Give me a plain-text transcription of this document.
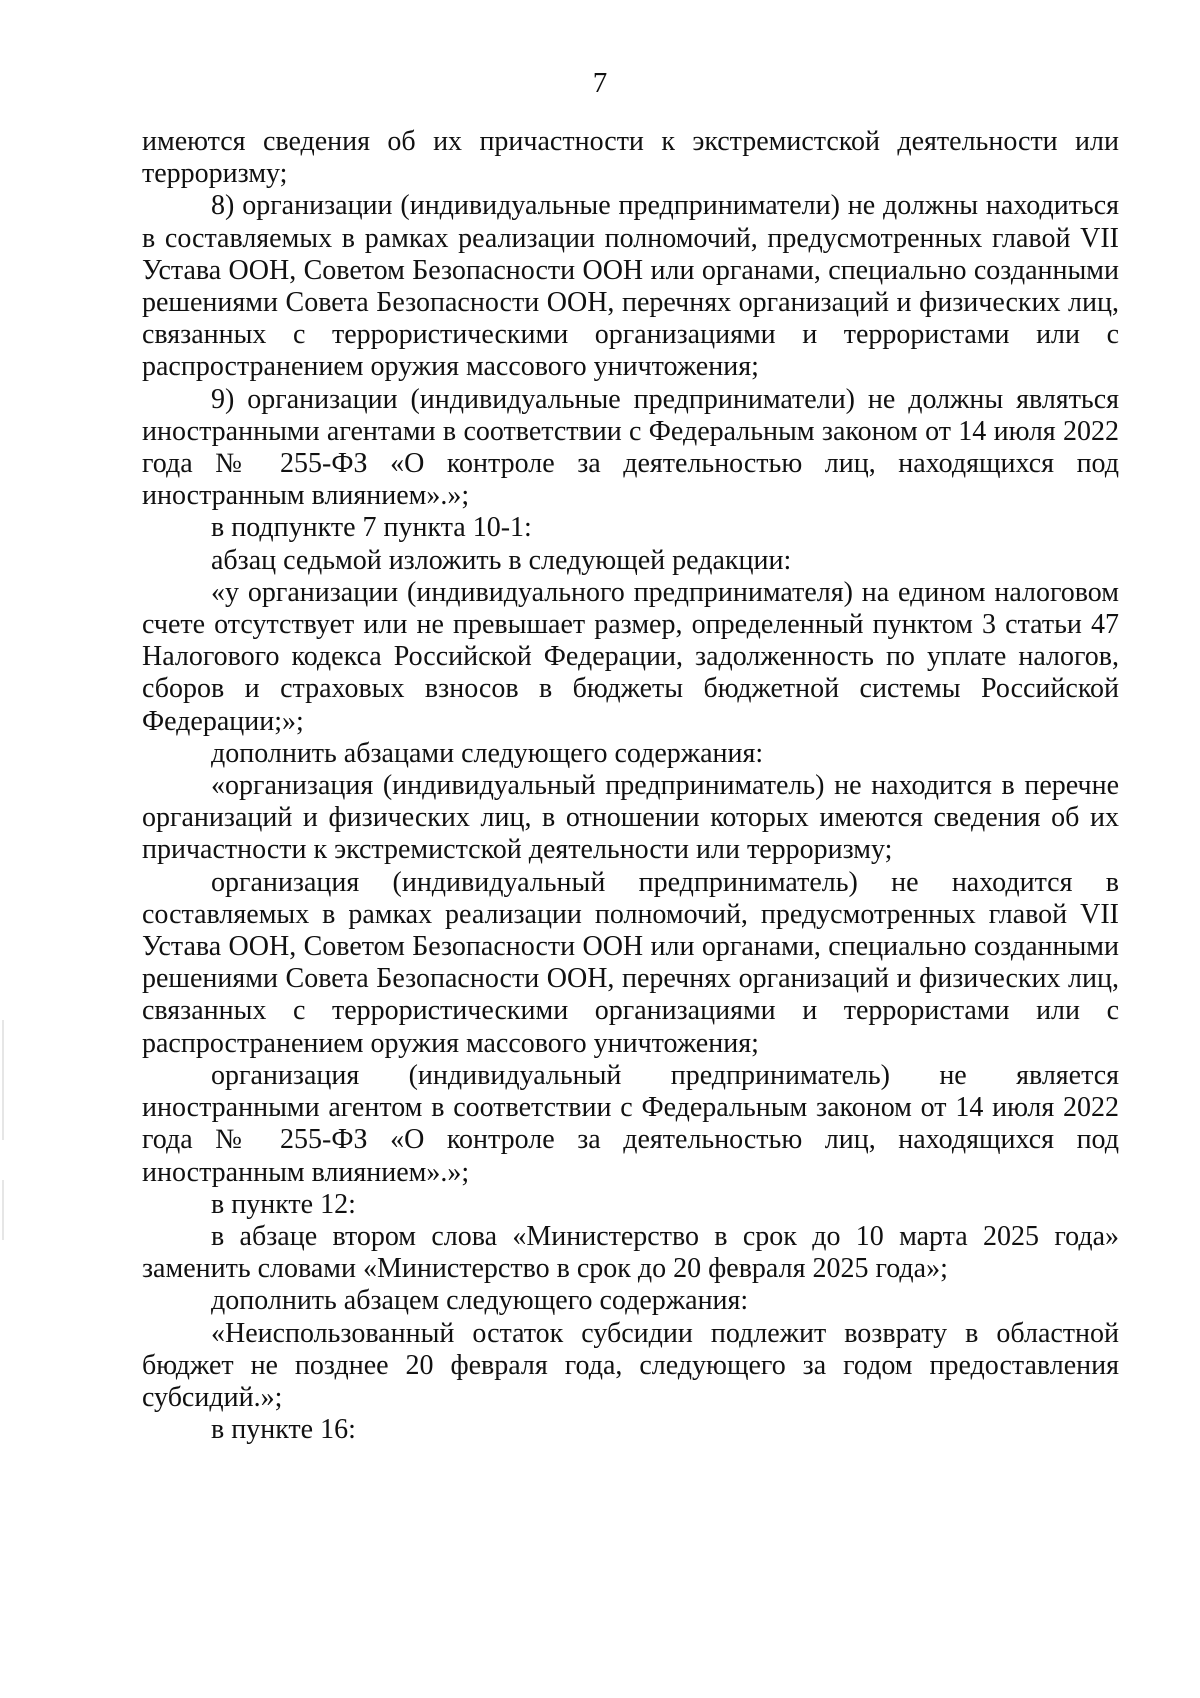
7

имеются сведения об их причастности к экстремистской деятельности или терроризму;

8) организации (индивидуальные предприниматели) не должны находиться в составляемых в рамках реализации полномочий, предусмотренных главой VII Устава ООН, Советом Безопасности ООН или органами, специально созданными решениями Совета Безопасности ООН, перечнях организаций и физических лиц, связанных с террористическими организациями и террористами или с распространением оружия массового уничтожения;

9) организации (индивидуальные предприниматели) не должны являться иностранными агентами в соответствии с Федеральным законом от 14 июля 2022 года № 255-ФЗ «О контроле за деятельностью лиц, находящихся под иностранным влиянием».»;

в подпункте 7 пункта 10-1:

абзац седьмой изложить в следующей редакции:

«у организации (индивидуального предпринимателя) на едином налоговом счете отсутствует или не превышает размер, определенный пунктом 3 статьи 47 Налогового кодекса Российской Федерации, задолженность по уплате налогов, сборов и страховых взносов в бюджеты бюджетной системы Российской Федерации;»;

дополнить абзацами следующего содержания:

«организация (индивидуальный предприниматель) не находится в перечне организаций и физических лиц, в отношении которых имеются сведения об их причастности к экстремистской деятельности или терроризму;

организация (индивидуальный предприниматель) не находится в составляемых в рамках реализации полномочий, предусмотренных главой VII Устава ООН, Советом Безопасности ООН или органами, специально созданными решениями Совета Безопасности ООН, перечнях организаций и физических лиц, связанных с террористическими организациями и террористами или с распространением оружия массового уничтожения;

организация (индивидуальный предприниматель) не является иностранными агентом в соответствии с Федеральным законом от 14 июля 2022 года № 255-ФЗ «О контроле за деятельностью лиц, находящихся под иностранным влиянием».»;

в пункте 12:

в абзаце втором слова «Министерство в срок до 10 марта 2025 года» заменить словами «Министерство в срок до 20 февраля 2025 года»;

дополнить абзацем следующего содержания:

«Неиспользованный остаток субсидии подлежит возврату в областной бюджет не позднее 20 февраля года, следующего за годом предоставления субсидий.»;

в пункте 16:
